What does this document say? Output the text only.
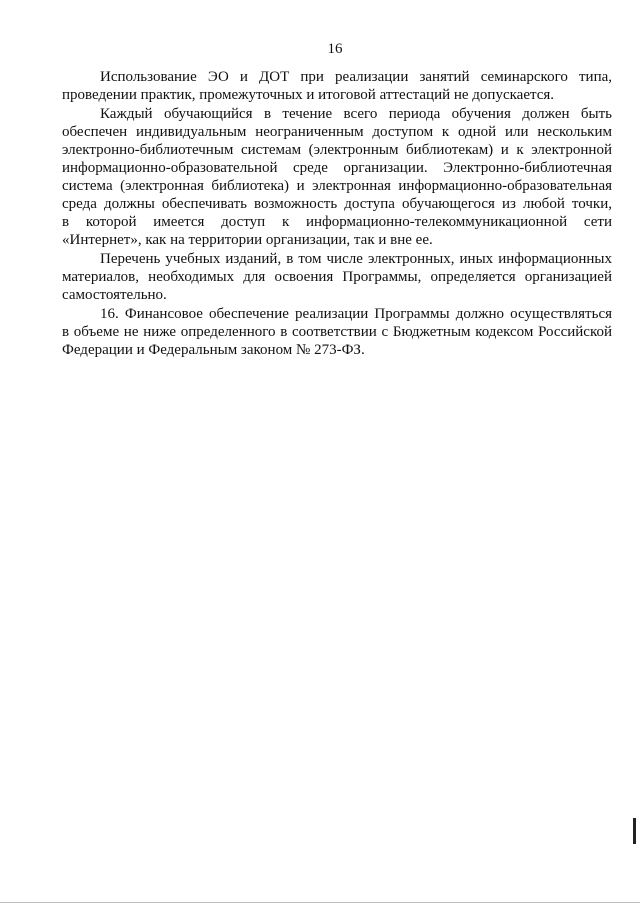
16

Использование ЭО и ДОТ при реализации занятий семинарского типа,
проведении практик, промежуточных и итоговой аттестаций не допускается.

Каждый обучающийся в течение всего периода обучения должен быть
обеспечен индивидуальным неограниченным доступом к одной или нескольким
электронно-библиотечным системам (электронным библиотекам) и к электронной
информационно-образовательной среде организации. Электронно-библиотечная
система (электронная библиотека) и электронная информационно-образовательная
среда должны обеспечивать возможность доступа обучающегося из любой точки,
в которой имеется доступ к информационно-телекоммуникационной сети
«Интернет», как на территории организации, так и вне ее.

Перечень учебных изданий, в том числе электронных, иных информационных
материалов, необходимых для освоения Программы, определяется организацией
самостоятельно.

16. Финансовое обеспечение реализации Программы должно осуществляться
в объеме не ниже определенного в соответствии с Бюджетным кодексом Российской
Федерации и Федеральным законом № 273-ФЗ.
